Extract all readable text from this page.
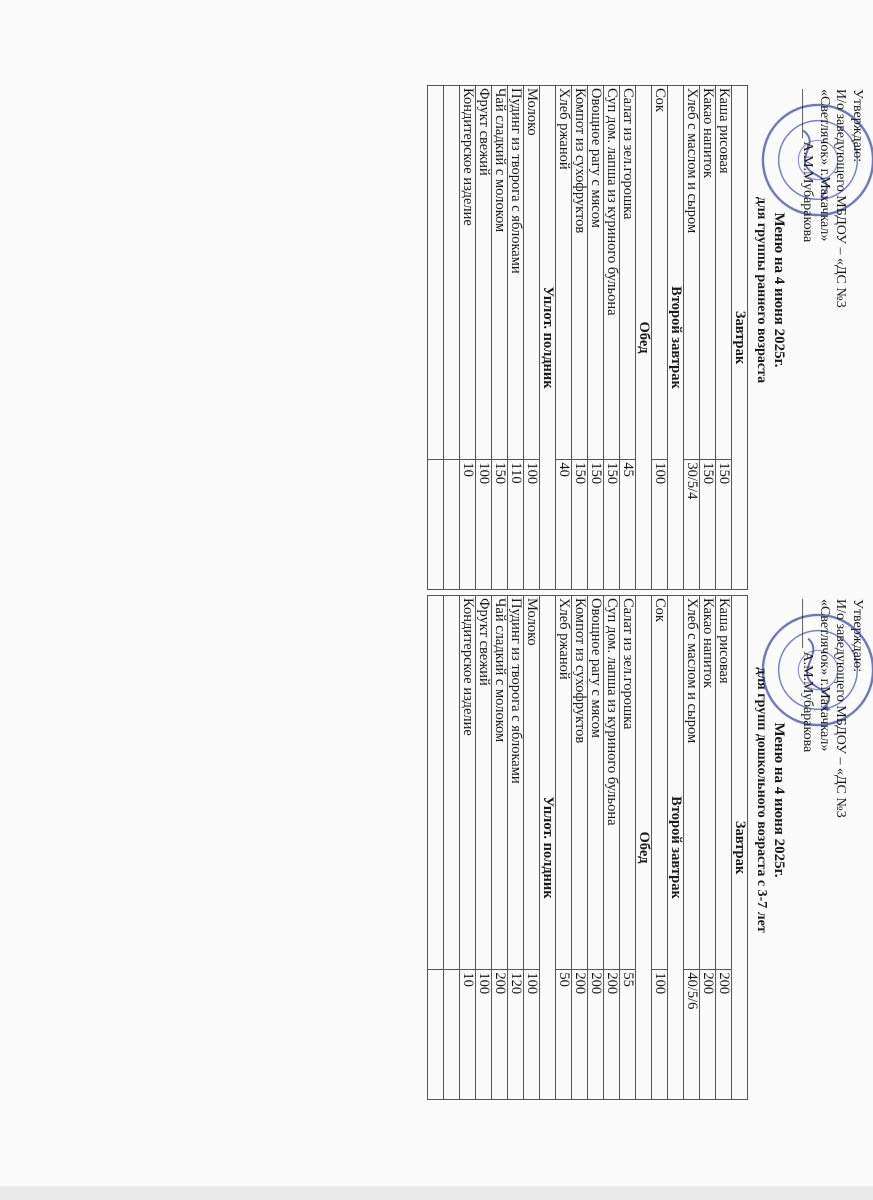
Утверждаю:
И/о заведующего МБДОУ – «ДС №3
«Светлячок» г.Махачкал»
_______ А.М.Мубаракова
Меню на 4 июня 2025г.
для группы раннего возраста
Завтрак	
Каша рисовая	150
Какао напиток	150
Хлеб с маслом и сыром	30/5/4
Второй завтрак	
Сок	100
Обед	
Салат из зел.горошка	45
Суп дом. лапша из куриного бульона	150
Овощное рагу с мясом	150
Компот из сухофруктов	150
Хлеб ржаной	40
Уплот. полдник	
Молоко	100
Пудинг из творога с яблоками	110
Чай сладкий с молоком	150
Фрукт свежий	100
Кондитерское изделие	10

Утверждаю:
И/о заведующего МБДОУ – «ДС №3
«Светлячок» г.Махачкал»
_______ А.М.Мубаракова
Меню на 4 июня 2025г.
для групп дошкольного возраста с 3-7 лет
Завтрак	
Каша рисовая	200
Какао напиток	200
Хлеб с маслом и сыром	40/5/6
Второй завтрак	
Сок	100
Обед	
Салат из зел.горошка	55
Суп дом. лапша из куриного бульона	200
Овощное рагу с мясом	200
Компот из сухофруктов	200
Хлеб ржаной	50
Уплот. полдник	
Молоко	100
Пудинг из творога с яблоками	120
Чай сладкий с молоком	200
Фрукт свежий	100
Кондитерское изделие	10
